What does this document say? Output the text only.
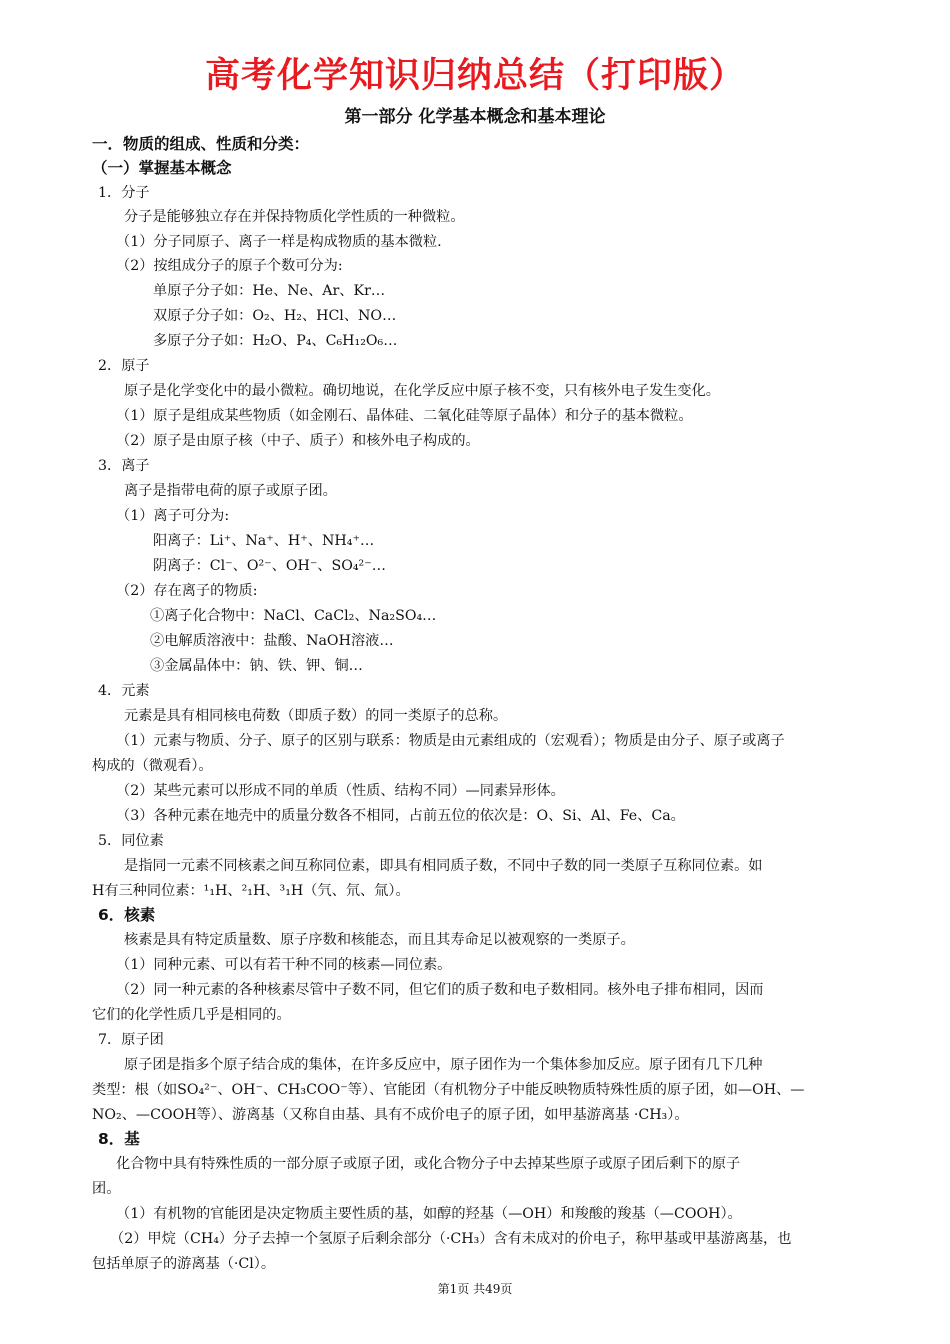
高考化学知识归纳总结（打印版）
第一部分 化学基本概念和基本理论
一．物质的组成、性质和分类：
（一）掌握基本概念
1．分子
分子是能够独立存在并保持物质化学性质的一种微粒。
（1）分子同原子、离子一样是构成物质的基本微粒.
（2）按组成分子的原子个数可分为:
单原子分子如：He、Ne、Ar、Kr…
双原子分子如：O₂、H₂、HCl、NO…
多原子分子如：H₂O、P₄、C₆H₁₂O₆…
2．原子
原子是化学变化中的最小微粒。确切地说，在化学反应中原子核不变，只有核外电子发生变化。
（1）原子是组成某些物质（如金刚石、晶体硅、二氧化硅等原子晶体）和分子的基本微粒。
（2）原子是由原子核（中子、质子）和核外电子构成的。
3．离子
离子是指带电荷的原子或原子团。
（1）离子可分为:
阳离子：Li⁺、Na⁺、H⁺、NH₄⁺…
阴离子：Cl⁻、O²⁻、OH⁻、SO₄²⁻…
（2）存在离子的物质:
①离子化合物中：NaCl、CaCl₂、Na₂SO₄…
②电解质溶液中：盐酸、NaOH溶液…
③金属晶体中：钠、铁、钾、铜…
4．元素
元素是具有相同核电荷数（即质子数）的同一类原子的总称。
（1）元素与物质、分子、原子的区别与联系：物质是由元素组成的（宏观看）；物质是由分子、原子或离子
构成的（微观看）。
（2）某些元素可以形成不同的单质（性质、结构不同）—同素异形体。
（3）各种元素在地壳中的质量分数各不相同，占前五位的依次是：O、Si、Al、Fe、Ca。
5．同位素
是指同一元素不同核素之间互称同位素，即具有相同质子数，不同中子数的同一类原子互称同位素。如
H有三种同位素：¹₁H、²₁H、³₁H（氕、氘、氚）。
6．核素
核素是具有特定质量数、原子序数和核能态，而且其寿命足以被观察的一类原子。
（1）同种元素、可以有若干种不同的核素—同位素。
（2）同一种元素的各种核素尽管中子数不同，但它们的质子数和电子数相同。核外电子排布相同，因而
它们的化学性质几乎是相同的。
7．原子团
原子团是指多个原子结合成的集体，在许多反应中，原子团作为一个集体参加反应。原子团有几下几种
类型：根（如SO₄²⁻、OH⁻、CH₃COO⁻等）、官能团（有机物分子中能反映物质特殊性质的原子团，如—OH、—
NO₂、—COOH等）、游离基（又称自由基、具有不成价电子的原子团，如甲基游离基 ·CH₃）。
8．基
化合物中具有特殊性质的一部分原子或原子团，或化合物分子中去掉某些原子或原子团后剩下的原子
团。
（1）有机物的官能团是决定物质主要性质的基，如醇的羟基（—OH）和羧酸的羧基（—COOH）。
（2）甲烷（CH₄）分子去掉一个氢原子后剩余部分（·CH₃）含有未成对的价电子，称甲基或甲基游离基，也
包括单原子的游离基（·Cl）。
第1页 共49页
